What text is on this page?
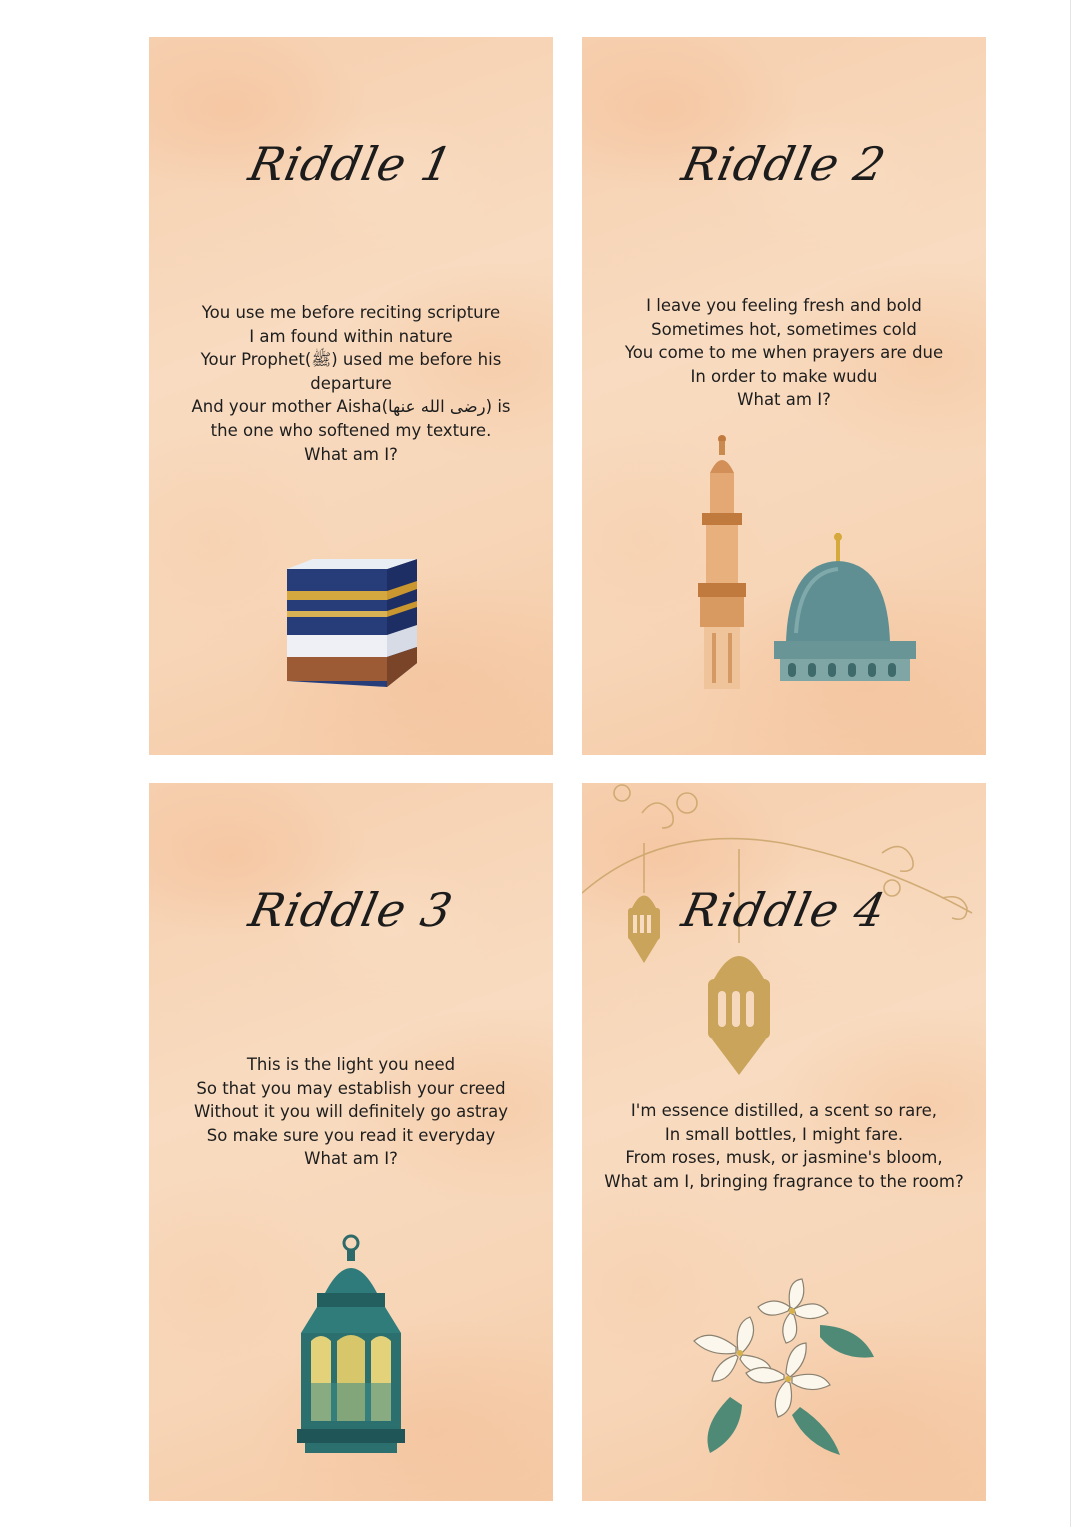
Riddle 1
You use me before reciting scripture
I am found within nature
Your Prophet(ﷺ) used me before his
departure
And your mother Aisha(رضى الله عنها) is
the one who softened my texture.
What am I?
Riddle 2
I leave you feeling fresh and bold
Sometimes hot, sometimes cold
You come to me when prayers are due
In order to make wudu
What am I?
Riddle 3
This is the light you need
So that you may establish your creed
Without it you will definitely go astray
So make sure you read it everyday
What am I?
Riddle 4
I'm essence distilled, a scent so rare,
In small bottles, I might fare.
From roses, musk, or jasmine's bloom,
What am I, bringing fragrance to the room?
